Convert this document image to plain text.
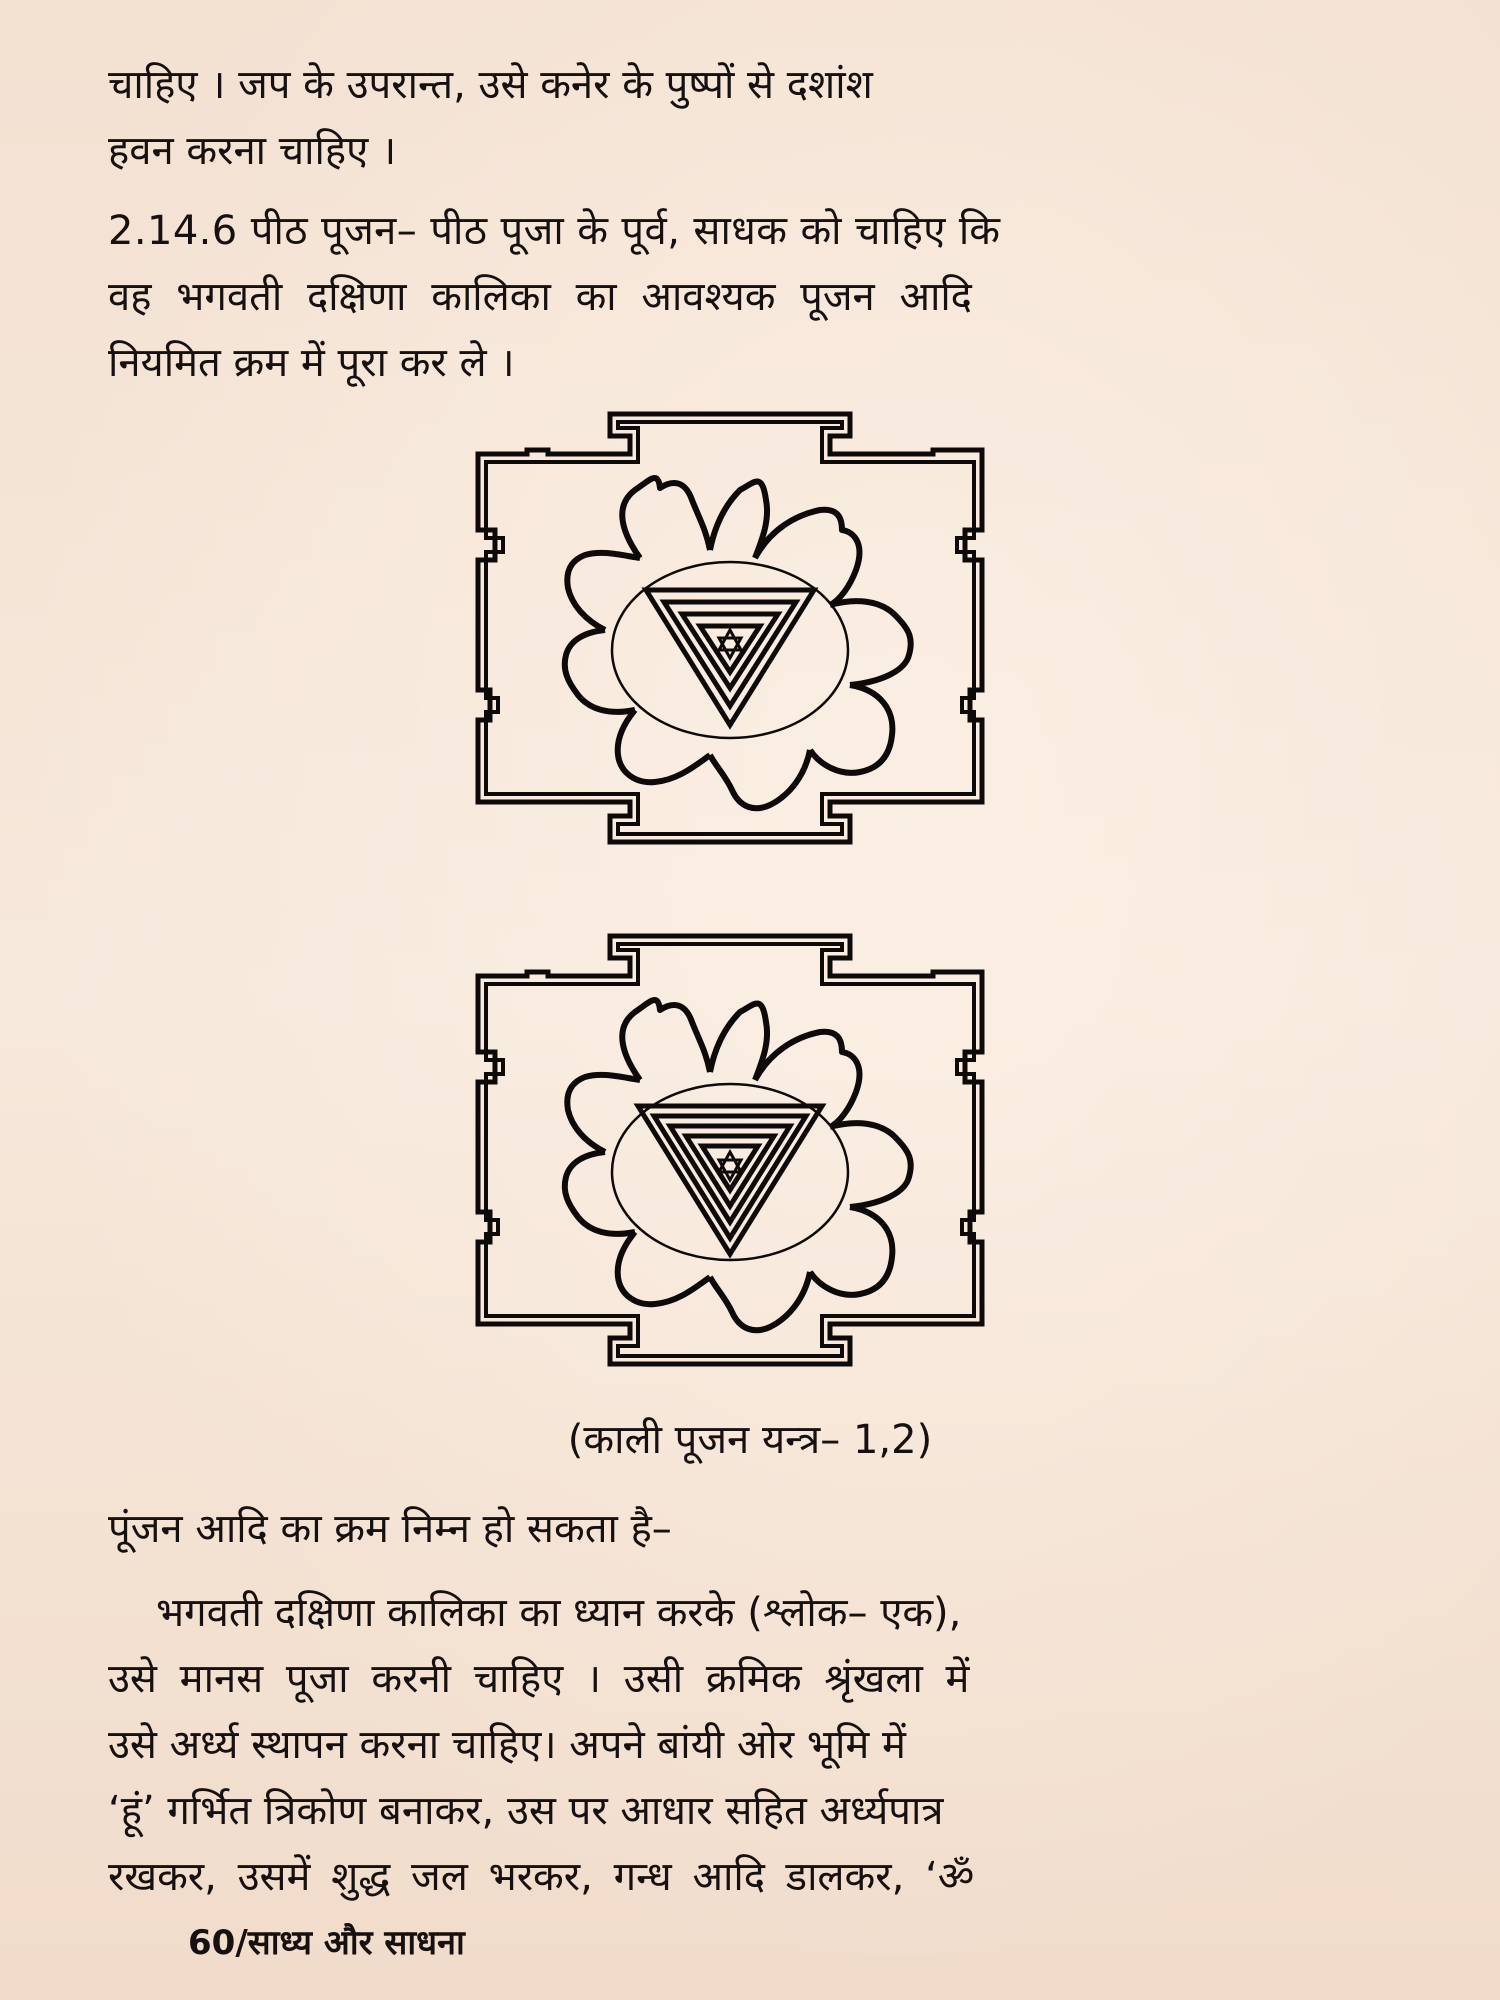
चाहिए । जप के उपरान्त, उसे कनेर के पुष्पों से दशांश
हवन करना चाहिए ।
2.14.6 पीठ पूजन– पीठ पूजा के पूर्व, साधक को चाहिए कि
वह भगवती दक्षिणा कालिका का आवश्यक पूजन आदि
नियमित क्रम में पूरा कर ले ।
(काली पूजन यन्त्र– 1,2)
पूंजन आदि का क्रम निम्न हो सकता है–
भगवती दक्षिणा कालिका का ध्यान करके (श्लोक– एक),
उसे मानस पूजा करनी चाहिए । उसी क्रमिक श्रृंखला में
उसे अर्ध्य स्थापन करना चाहिए। अपने बांयी ओर भूमि में
‘हूं’ गर्भित त्रिकोण बनाकर, उस पर आधार सहित अर्ध्यपात्र
रखकर, उसमें शुद्ध जल भरकर, गन्ध आदि डालकर, ‘ॐ
60/साध्य और साधना
